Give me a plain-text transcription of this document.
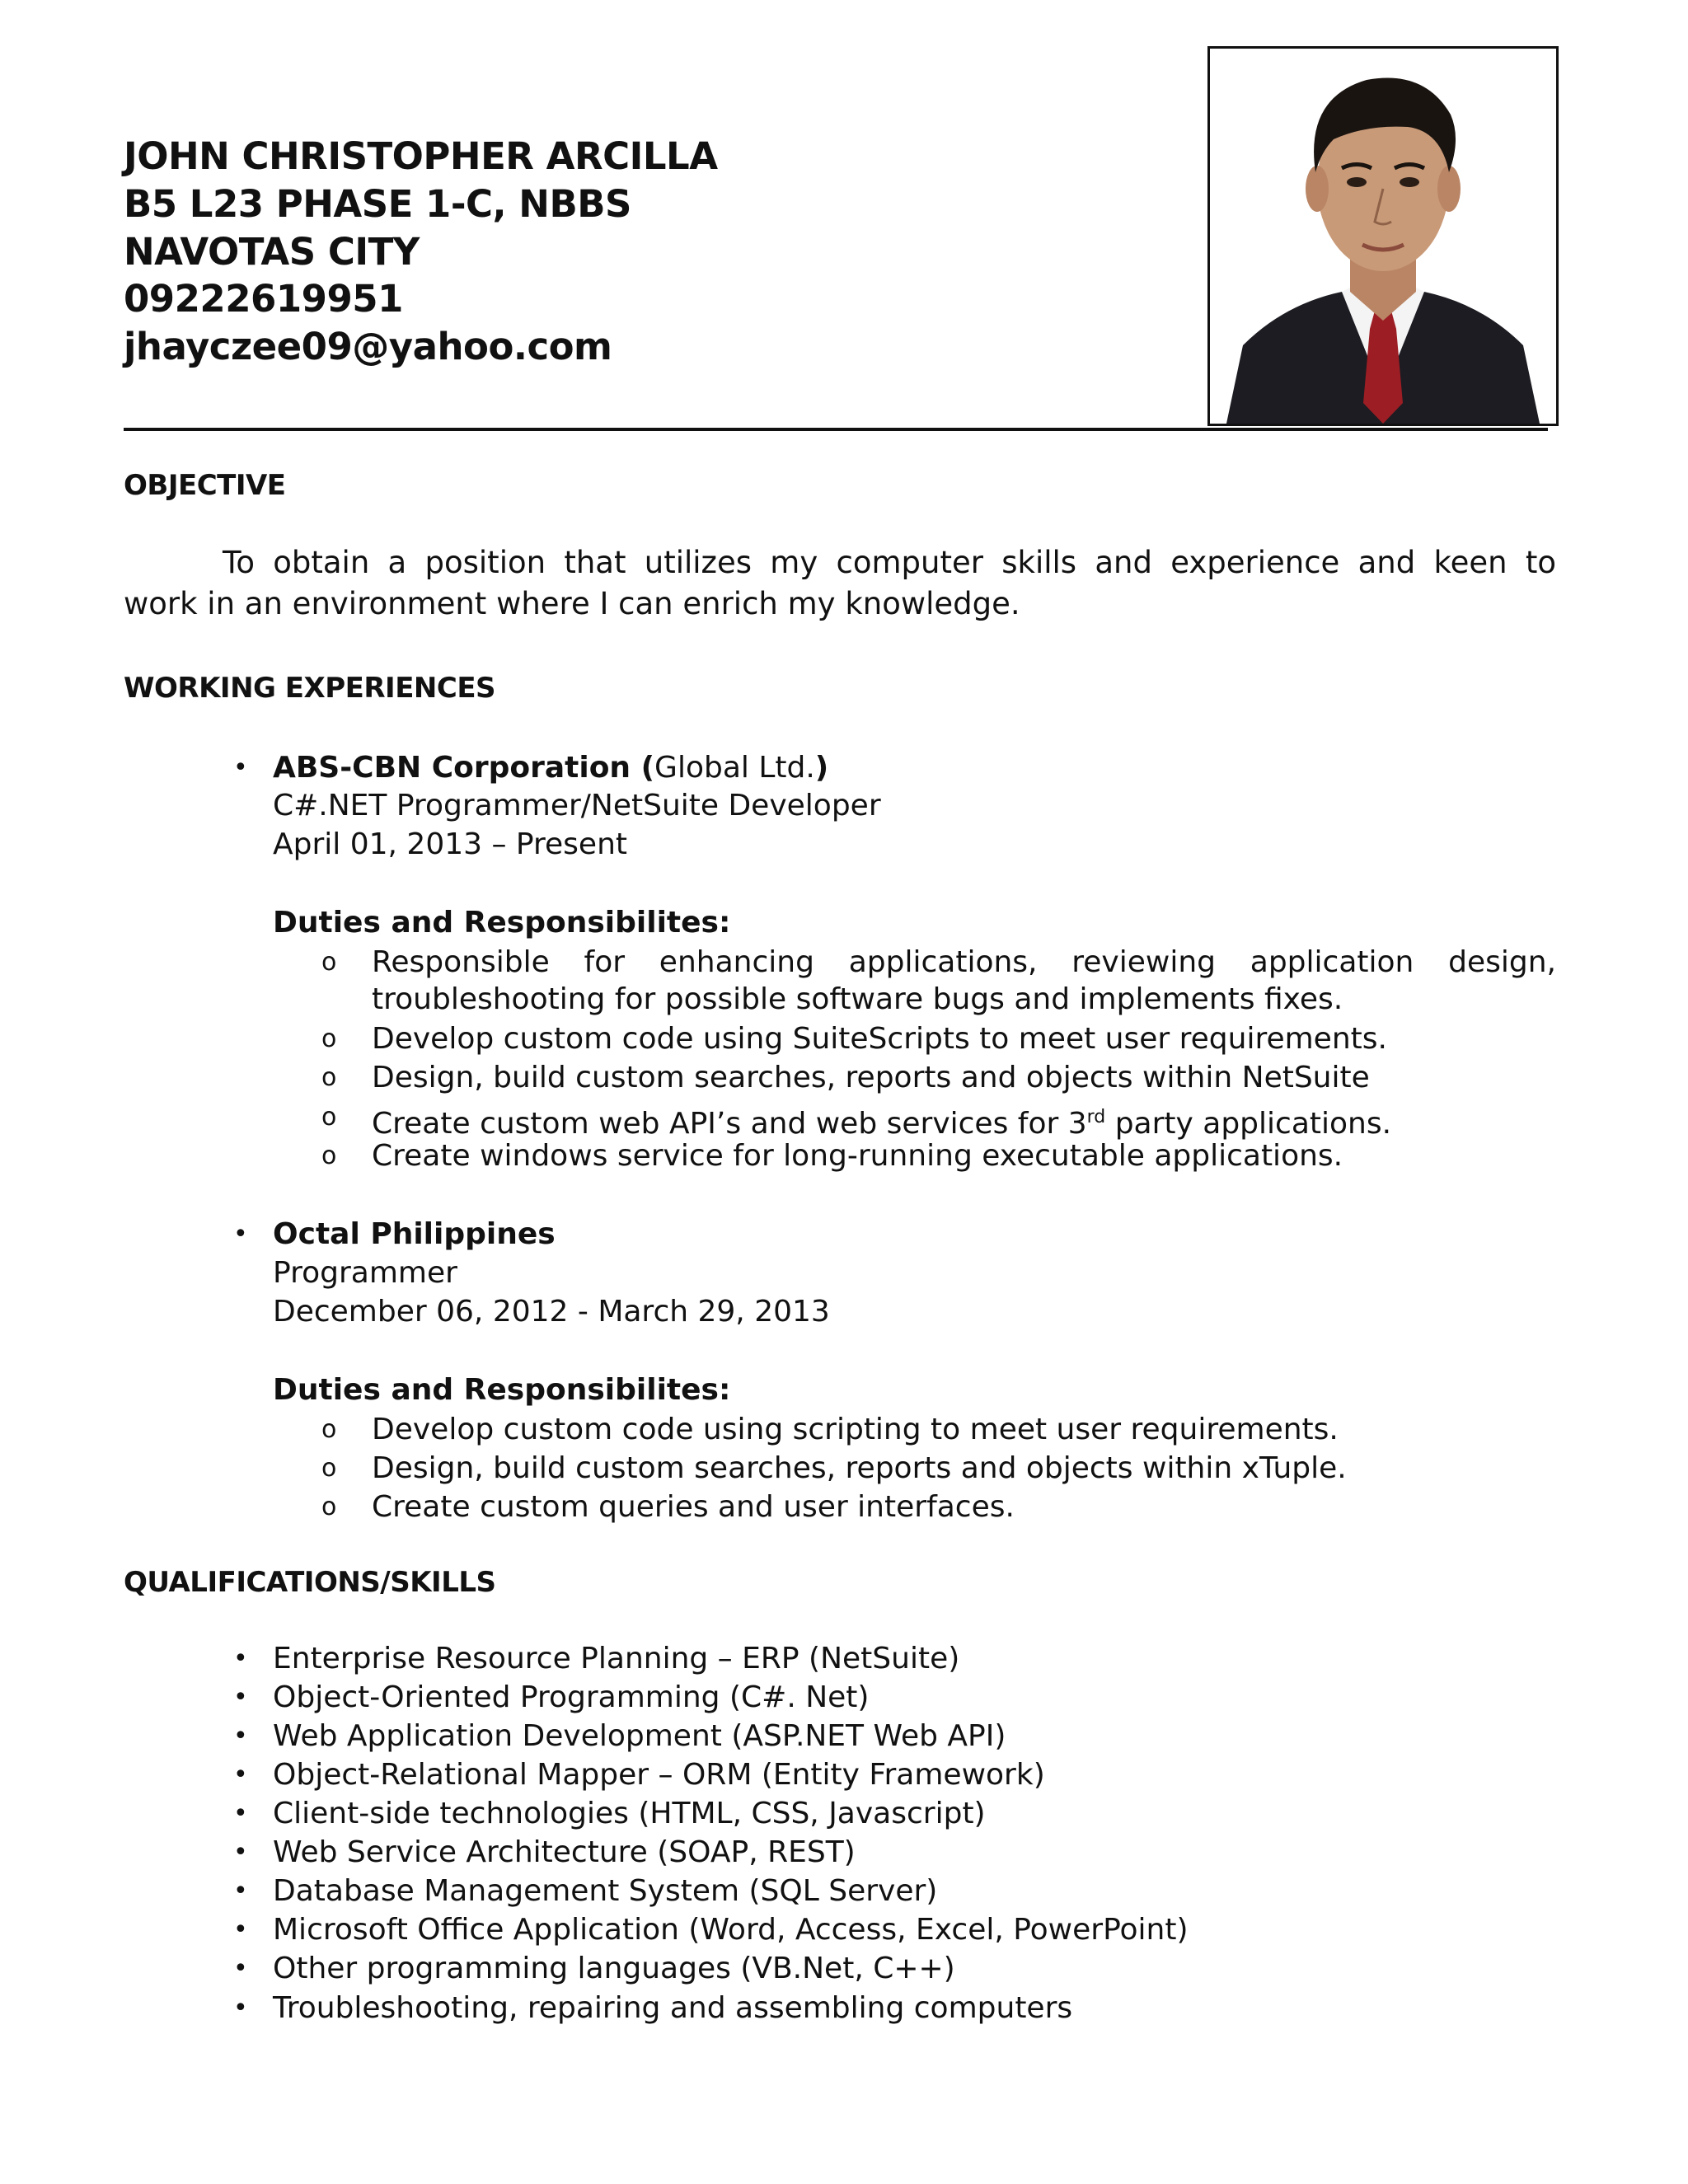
JOHN CHRISTOPHER ARCILLA
B5 L23 PHASE 1-C, NBBS
NAVOTAS CITY
09222619951
jhayczee09@yahoo.com
OBJECTIVE
To obtain a position that utilizes my computer skills and experience and keen to
work in an environment where I can enrich my knowledge.
WORKING EXPERIENCES
• ABS-CBN Corporation (Global Ltd.)
C#.NET Programmer/NetSuite Developer
April 01, 2013 – Present
Duties and Responsibilites:
o Responsible for enhancing applications, reviewing application design,
troubleshooting for possible software bugs and implements fixes.
o Develop custom code using SuiteScripts to meet user requirements.
o Design, build custom searches, reports and objects within NetSuite
o Create custom web API’s and web services for 3rd party applications.
o Create windows service for long-running executable applications.
• Octal Philippines
Programmer
December 06, 2012 - March 29, 2013
Duties and Responsibilites:
o Develop custom code using scripting to meet user requirements.
o Design, build custom searches, reports and objects within xTuple.
o Create custom queries and user interfaces.
QUALIFICATIONS/SKILLS
• Enterprise Resource Planning – ERP (NetSuite)
• Object-Oriented Programming (C#. Net)
• Web Application Development (ASP.NET Web API)
• Object-Relational Mapper – ORM (Entity Framework)
• Client-side technologies (HTML, CSS, Javascript)
• Web Service Architecture (SOAP, REST)
• Database Management System (SQL Server)
• Microsoft Office Application (Word, Access, Excel, PowerPoint)
• Other programming languages (VB.Net, C++)
• Troubleshooting, repairing and assembling computers
